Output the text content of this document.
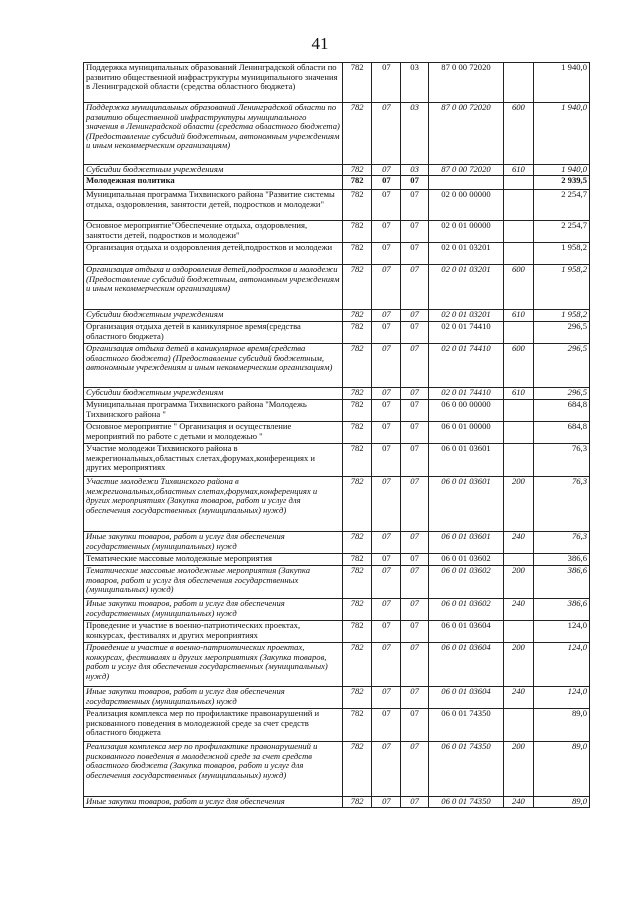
41
Поддержка муниципальных образований Ленинградской области по развитию общественной инфраструктуры муниципального значения в Ленинградской области (средства областного бюджета)	782	07	03	87 0 00 72020		1 940,0
Поддержка муниципальных образований Ленинградской области по развитию общественной инфраструктуры муниципального значения в Ленинградской области (средства областного бюджета) (Предоставление субсидий бюджетным, автономным учреждениям и иным некоммерческим организациям)	782	07	03	87 0 00 72020	600	1 940,0
Субсидии бюджетным учреждениям	782	07	03	87 0 00 72020	610	1 940,0
Молодежная политика	782	07	07			2 939,5
Муниципальная программа Тихвинского района "Развитие системы отдыха, оздоровления, занятости детей, подростков и молодежи"	782	07	07	02 0 00 00000		2 254,7
Основное мероприятие"Обеспечение отдыха, оздоровления, занятости детей, подростков и молодежи"	782	07	07	02 0 01 00000		2 254,7
Организация отдыха и оздоровления детей,подростков и молодежи	782	07	07	02 0 01 03201		1 958,2
Организация отдыха и оздоровления детей,подростков и молодежи (Предоставление субсидий бюджетным, автономным учреждениям и иным некоммерческим организациям)	782	07	07	02 0 01 03201	600	1 958,2
Субсидии бюджетным учреждениям	782	07	07	02 0 01 03201	610	1 958,2
Организация отдыха детей в каникулярное время(средства областного бюджета)	782	07	07	02 0 01 74410		296,5
Организация отдыха детей в каникулярное время(средства областного бюджета) (Предоставление субсидий бюджетным, автономным учреждениям и иным некоммерческим организациям)	782	07	07	02 0 01 74410	600	296,5
Субсидии бюджетным учреждениям	782	07	07	02 0 01 74410	610	296,5
Муниципальная программа Тихвинского района "Молодежь Тихвинского района "	782	07	07	06 0 00 00000		684,8
Основное мероприятие " Организация и осуществление мероприятий по работе с детьми и молодежью "	782	07	07	06 0 01 00000		684,8
Участие молодежи Тихвинского района в межрегиональных,областных слетах,форумах,конференциях и других мероприятиях	782	07	07	06 0 01 03601		76,3
Участие молодежи Тихвинского района в межрегиональных,областных слетах,форумах,конференциях и других мероприятиях (Закупка товаров, работ и услуг для обеспечения государственных (муниципальных) нужд)	782	07	07	06 0 01 03601	200	76,3
Иные закупки товаров, работ и услуг для обеспечения государственных (муниципальных) нужд	782	07	07	06 0 01 03601	240	76,3
Тематические массовые молодежные мероприятия	782	07	07	06 0 01 03602		386,6
Тематические массовые молодежные мероприятия (Закупка товаров, работ и услуг для обеспечения государственных (муниципальных) нужд)	782	07	07	06 0 01 03602	200	386,6
Иные закупки товаров, работ и услуг для обеспечения государственных (муниципальных) нужд	782	07	07	06 0 01 03602	240	386,6
Проведение и участие в военно-патриотических проектах, конкурсах, фестивалях и других мероприятиях	782	07	07	06 0 01 03604		124,0
Проведение и участие в военно-патриотических проектах, конкурсах, фестивалях и других мероприятиях (Закупка товаров, работ и услуг для обеспечения государственных (муниципальных) нужд)	782	07	07	06 0 01 03604	200	124,0
Иные закупки товаров, работ и услуг для обеспечения государственных (муниципальных) нужд	782	07	07	06 0 01 03604	240	124,0
Реализация комплекса мер по профилактике правонарушений и рискованного поведения в молодежной среде за счет средств областного бюджета	782	07	07	06 0 01 74350		89,0
Реализация комплекса мер по профилактике правонарушений и рискованного поведения в молодежной среде за счет средств областного бюджета (Закупка товаров, работ и услуг для обеспечения государственных (муниципальных) нужд)	782	07	07	06 0 01 74350	200	89,0
Иные закупки товаров, работ и услуг для обеспечения	782	07	07	06 0 01 74350	240	89,0
